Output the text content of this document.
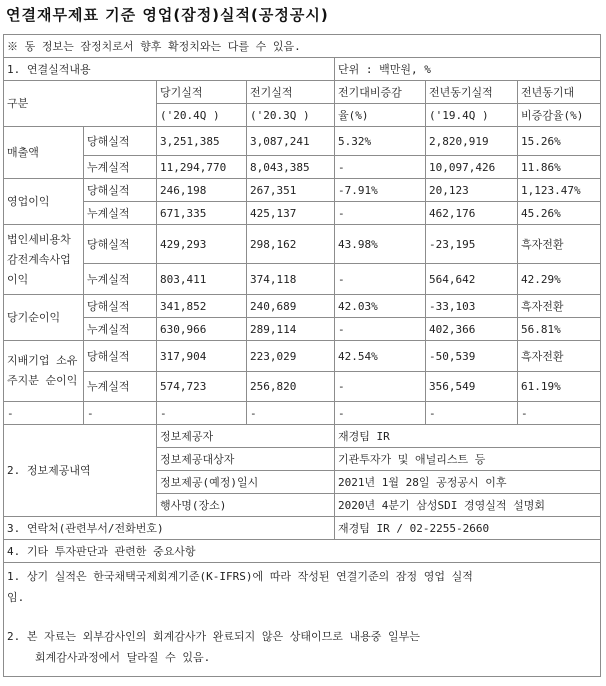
연결재무제표 기준 영업(잠정)실적(공정공시)
※ 동 정보는 잠정치로서 향후 확정치와는 다를 수 있음.						
1. 연결실적내용				단위 : 백만원, %		
구분		당기실적	전기실적	전기대비증감	전년동기실적	전년동기대
		('20.4Q )	('20.3Q )	율(%)	('19.4Q )	비증감율(%)
매출액	당해실적	3,251,385	3,087,241	5.32%	2,820,919	15.26%
	누계실적	11,294,770	8,043,385	-	10,097,426	11.86%
영업이익	당해실적	246,198	267,351	-7.91%	20,123	1,123.47%
	누계실적	671,335	425,137	-	462,176	45.26%
법인세비용차감전계속사업이익	당해실적	429,293	298,162	43.98%	-23,195	흑자전환
	누계실적	803,411	374,118	-	564,642	42.29%
당기순이익	당해실적	341,852	240,689	42.03%	-33,103	흑자전환
	누계실적	630,966	289,114	-	402,366	56.81%
지배기업 소유주지분 순이익	당해실적	317,904	223,029	42.54%	-50,539	흑자전환
	누계실적	574,723	256,820	-	356,549	61.19%
-	-	-	-	-	-	-
2. 정보제공내역		정보제공자		재경팀 IR		
		정보제공대상자		기관투자가 및 애널리스트 등		
		정보제공(예정)일시		2021년 1월 28일 공정공시 이후		
		행사명(장소)		2020년 4분기 삼성SDI 경영실적 설명회		
3. 연락처(관련부서/전화번호)				재경팀 IR / 02-2255-2660		
4. 기타 투자판단과 관련한 중요사항						

1. 상기 실적은 한국채택국제회계기준(K-IFRS)에 따라 작성된 연결기준의 잠정 영업 실적
임.
2. 본 자료는 외부감사인의 회계감사가 완료되지 않은 상태이므로 내용중 일부는
회계감사과정에서 달라질 수 있음.						
